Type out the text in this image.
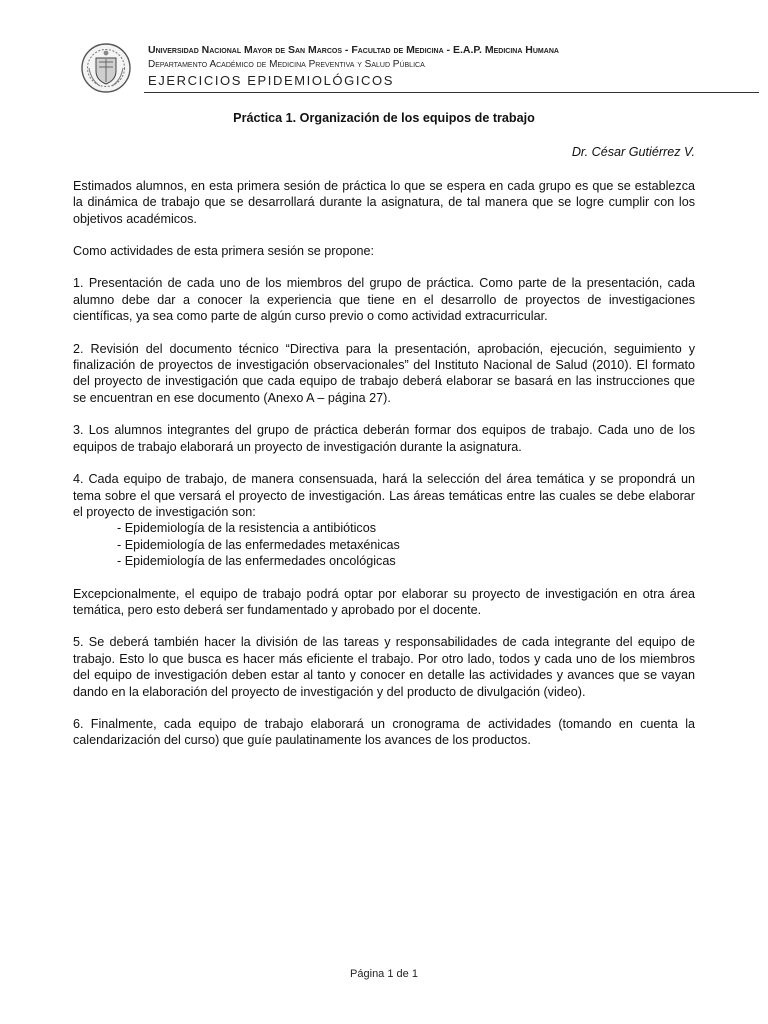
Universidad Nacional Mayor de San Marcos - Facultad de Medicina - E.A.P. Medicina Humana
Departamento Académico de Medicina Preventiva y Salud Pública
EJERCICIOS EPIDEMIOLÓGICOS

Práctica 1. Organización de los equipos de trabajo

Dr. César Gutiérrez V.

Estimados alumnos, en esta primera sesión de práctica lo que se espera en cada grupo es que se establezca la dinámica de trabajo que se desarrollará durante la asignatura, de tal manera que se logre cumplir con los objetivos académicos.

Como actividades de esta primera sesión se propone:

1. Presentación de cada uno de los miembros del grupo de práctica. Como parte de la presentación, cada alumno debe dar a conocer la experiencia que tiene en el desarrollo de proyectos de investigaciones científicas, ya sea como parte de algún curso previo o como actividad extracurricular.

2. Revisión del documento técnico “Directiva para la presentación, aprobación, ejecución, seguimiento y finalización de proyectos de investigación observacionales” del Instituto Nacional de Salud (2010). El formato del proyecto de investigación que cada equipo de trabajo deberá elaborar se basará en las instrucciones que se encuentran en ese documento (Anexo A – página 27).

3. Los alumnos integrantes del grupo de práctica deberán formar dos equipos de trabajo. Cada uno de los equipos de trabajo elaborará un proyecto de investigación durante la asignatura.

4. Cada equipo de trabajo, de manera consensuada, hará la selección del área temática y se propondrá un tema sobre el que versará el proyecto de investigación. Las áreas temáticas entre las cuales se debe elaborar el proyecto de investigación son:

- Epidemiología de la resistencia a antibióticos
- Epidemiología de las enfermedades metaxénicas
- Epidemiología de las enfermedades oncológicas

Excepcionalmente, el equipo de trabajo podrá optar por elaborar su proyecto de investigación en otra área temática, pero esto deberá ser fundamentado y aprobado por el docente.

5. Se deberá también hacer la división de las tareas y responsabilidades de cada integrante del equipo de trabajo. Esto lo que busca es hacer más eficiente el trabajo. Por otro lado, todos y cada uno de los miembros del equipo de investigación deben estar al tanto y conocer en detalle las actividades y avances que se vayan dando en la elaboración del proyecto de investigación y del producto de divulgación (video).

6. Finalmente, cada equipo de trabajo elaborará un cronograma de actividades (tomando en cuenta la calendarización del curso) que guíe paulatinamente los avances de los productos.

Página 1 de 1
